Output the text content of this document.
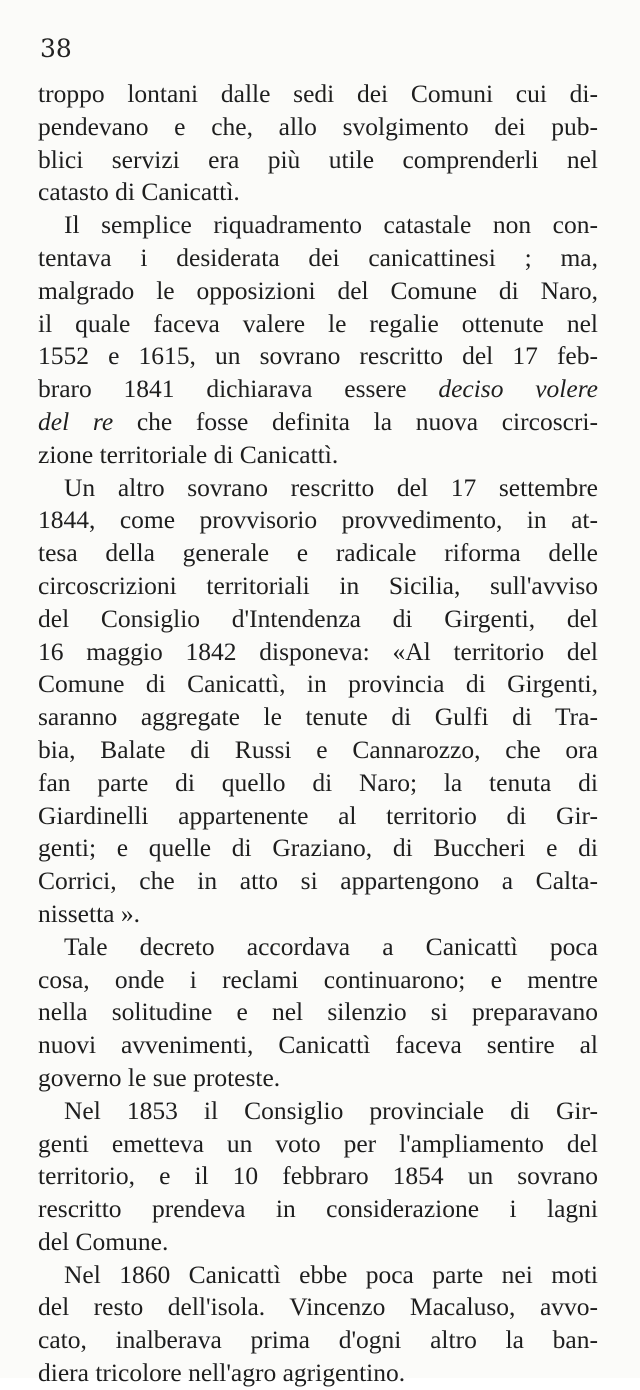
38
troppo lontani dalle sedi dei Comuni cui di-
pendevano e che, allo svolgimento dei pub-
blici servizi era più utile comprenderli nel
catasto di Canicattì.
Il semplice riquadramento catastale non con-
tentava i desiderata dei canicattinesi ; ma,
malgrado le opposizioni del Comune di Naro,
il quale faceva valere le regalie ottenute nel
1552 e 1615, un sovrano rescritto del 17 feb-
braro 1841 dichiarava essere deciso volere
del re che fosse definita la nuova circoscri-
zione territoriale di Canicattì.
Un altro sovrano rescritto del 17 settembre
1844, come provvisorio provvedimento, in at-
tesa della generale e radicale riforma delle
circoscrizioni territoriali in Sicilia, sull'avviso
del Consiglio d'Intendenza di Girgenti, del
16 maggio 1842 disponeva: «Al territorio del
Comune di Canicattì, in provincia di Girgenti,
saranno aggregate le tenute di Gulfi di Tra-
bia, Balate di Russi e Cannarozzo, che ora
fan parte di quello di Naro; la tenuta di
Giardinelli appartenente al territorio di Gir-
genti; e quelle di Graziano, di Buccheri e di
Corrici, che in atto si appartengono a Calta-
nissetta ».
Tale decreto accordava a Canicattì poca
cosa, onde i reclami continuarono; e mentre
nella solitudine e nel silenzio si preparavano
nuovi avvenimenti, Canicattì faceva sentire al
governo le sue proteste.
Nel 1853 il Consiglio provinciale di Gir-
genti emetteva un voto per l'ampliamento del
territorio, e il 10 febbraro 1854 un sovrano
rescritto prendeva in considerazione i lagni
del Comune.
Nel 1860 Canicattì ebbe poca parte nei moti
del resto dell'isola. Vincenzo Macaluso, avvo-
cato, inalberava prima d'ogni altro la ban-
diera tricolore nell'agro agrigentino.
